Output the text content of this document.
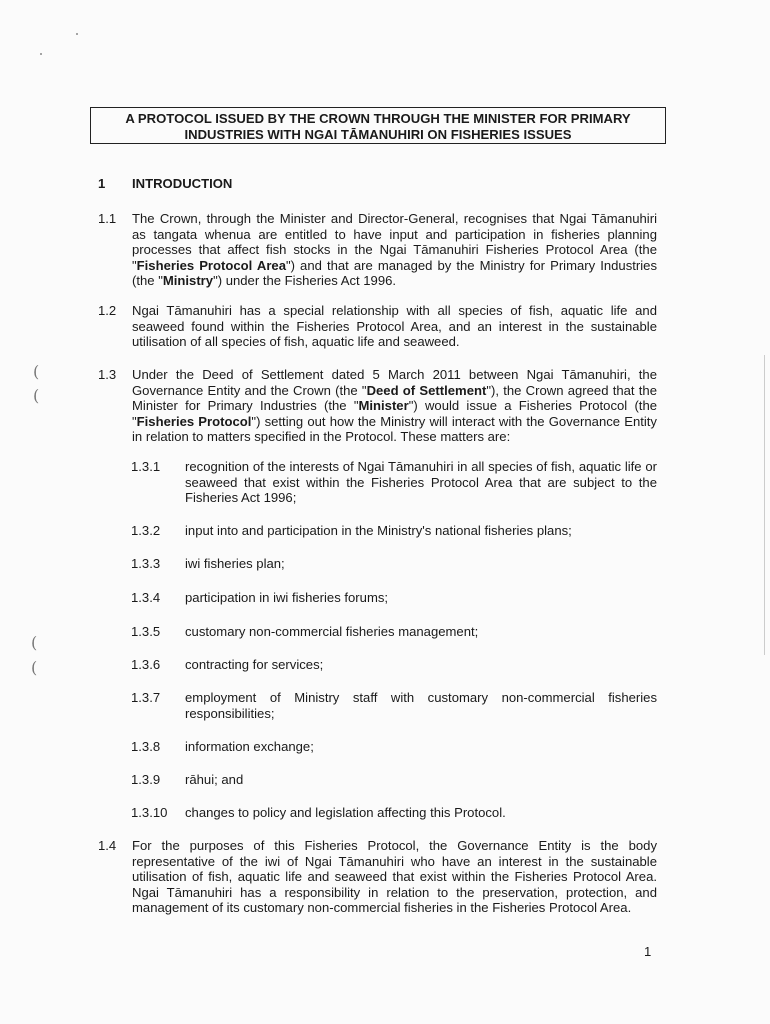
A PROTOCOL ISSUED BY THE CROWN THROUGH THE MINISTER FOR PRIMARY
INDUSTRIES WITH NGAI TĀMANUHIRI ON FISHERIES ISSUES
1 INTRODUCTION
1.1 The Crown, through the Minister and Director-General, recognises that Ngai Tāmanuhiri as tangata whenua are entitled to have input and participation in fisheries planning processes that affect fish stocks in the Ngai Tāmanuhiri Fisheries Protocol Area (the "Fisheries Protocol Area") and that are managed by the Ministry for Primary Industries (the "Ministry") under the Fisheries Act 1996.
1.2 Ngai Tāmanuhiri has a special relationship with all species of fish, aquatic life and seaweed found within the Fisheries Protocol Area, and an interest in the sustainable utilisation of all species of fish, aquatic life and seaweed.
1.3 Under the Deed of Settlement dated 5 March 2011 between Ngai Tāmanuhiri, the Governance Entity and the Crown (the "Deed of Settlement"), the Crown agreed that the Minister for Primary Industries (the "Minister") would issue a Fisheries Protocol (the "Fisheries Protocol") setting out how the Ministry will interact with the Governance Entity in relation to matters specified in the Protocol. These matters are:
1.3.1 recognition of the interests of Ngai Tāmanuhiri in all species of fish, aquatic life or seaweed that exist within the Fisheries Protocol Area that are subject to the Fisheries Act 1996;
1.3.2 input into and participation in the Ministry's national fisheries plans;
1.3.3 iwi fisheries plan;
1.3.4 participation in iwi fisheries forums;
1.3.5 customary non-commercial fisheries management;
1.3.6 contracting for services;
1.3.7 employment of Ministry staff with customary non-commercial fisheries responsibilities;
1.3.8 information exchange;
1.3.9 rāhui; and
1.3.10 changes to policy and legislation affecting this Protocol.
1.4 For the purposes of this Fisheries Protocol, the Governance Entity is the body representative of the iwi of Ngai Tāmanuhiri who have an interest in the sustainable utilisation of fish, aquatic life and seaweed that exist within the Fisheries Protocol Area. Ngai Tāmanuhiri has a responsibility in relation to the preservation, protection, and management of its customary non-commercial fisheries in the Fisheries Protocol Area.
1
(
(
(
(
